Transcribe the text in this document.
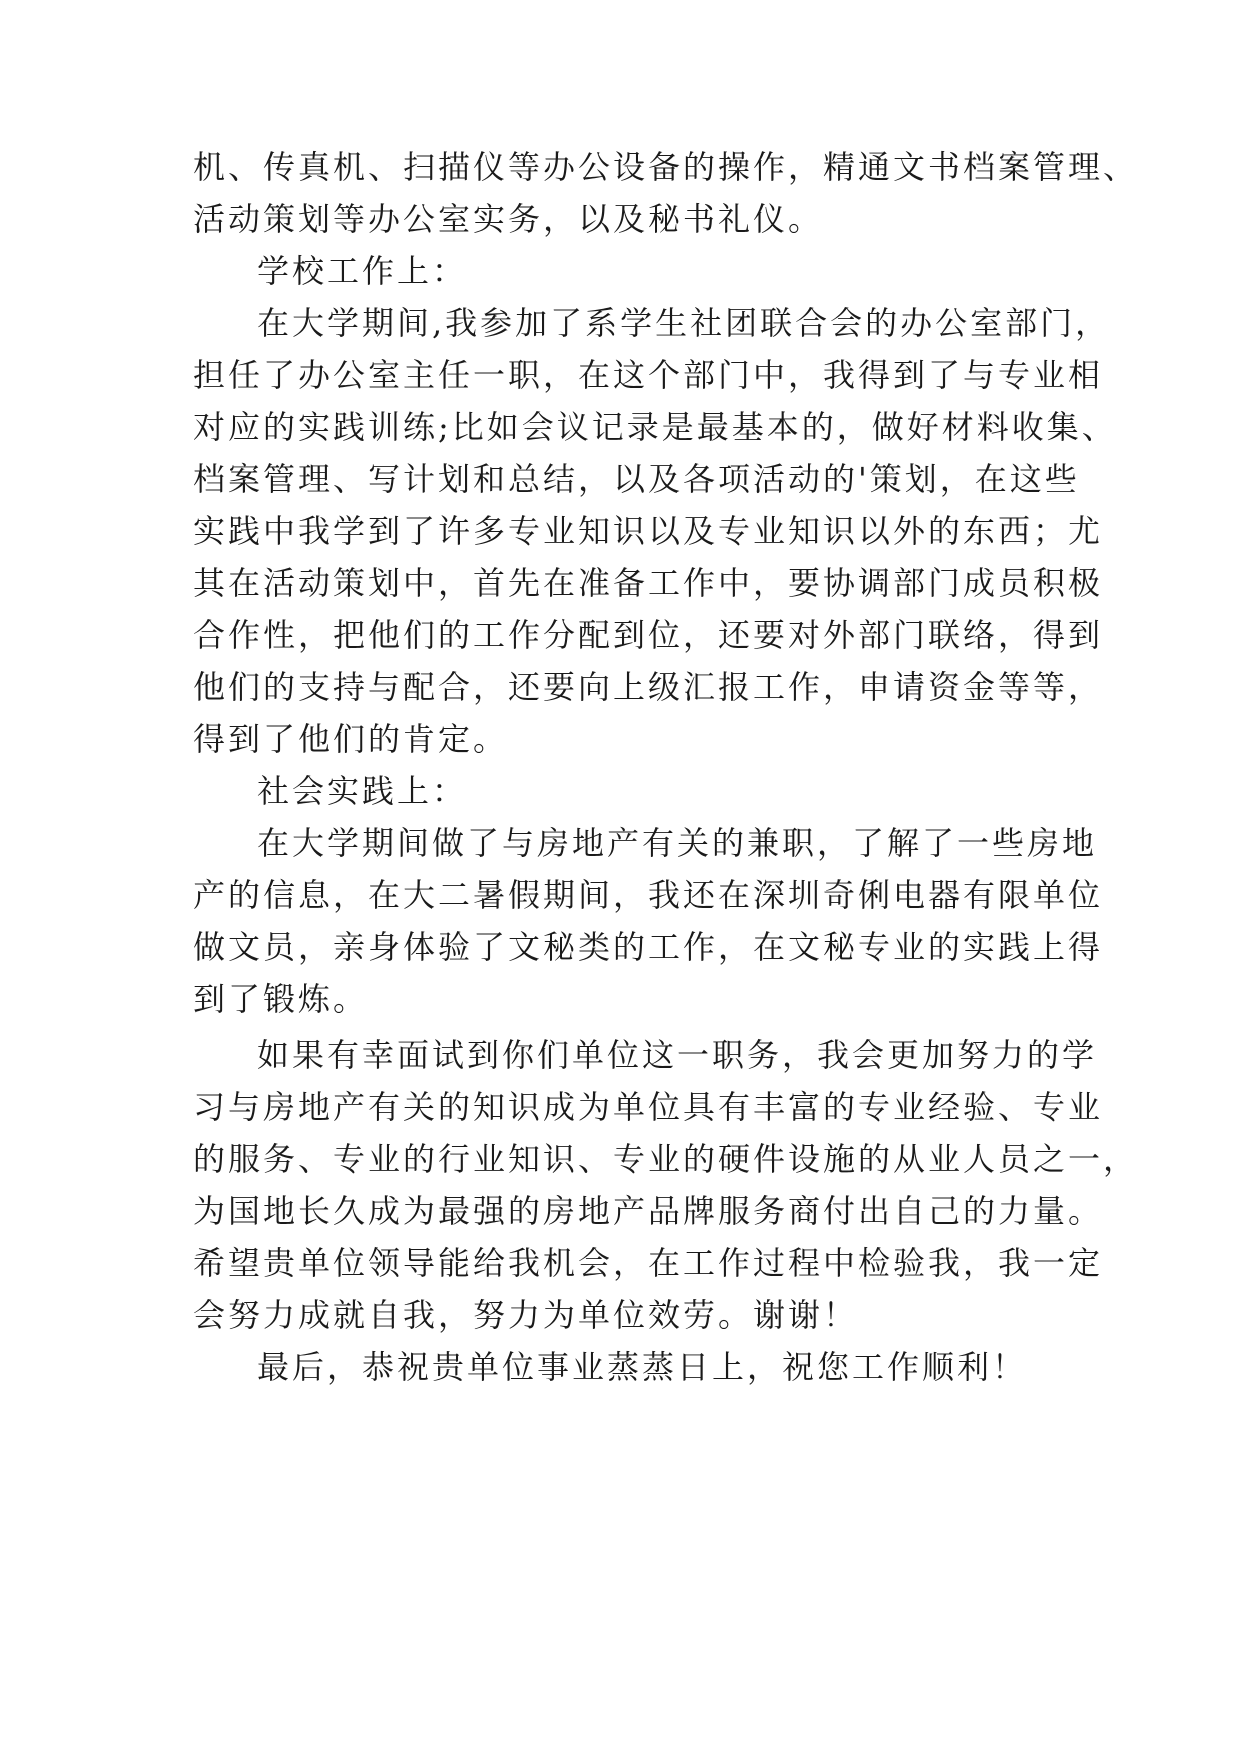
机、传真机、扫描仪等办公设备的操作，精通文书档案管理、
活动策划等办公室实务，以及秘书礼仪。
学校工作上：
在大学期间,我参加了系学生社团联合会的办公室部门，
担任了办公室主任一职，在这个部门中，我得到了与专业相
对应的实践训练;比如会议记录是最基本的，做好材料收集、
档案管理、写计划和总结，以及各项活动的'策划，在这些
实践中我学到了许多专业知识以及专业知识以外的东西；尤
其在活动策划中，首先在准备工作中，要协调部门成员积极
合作性，把他们的工作分配到位，还要对外部门联络，得到
他们的支持与配合，还要向上级汇报工作，申请资金等等，
得到了他们的肯定。
社会实践上：
在大学期间做了与房地产有关的兼职，了解了一些房地
产的信息，在大二暑假期间，我还在深圳奇俐电器有限单位
做文员，亲身体验了文秘类的工作，在文秘专业的实践上得
到了锻炼。
如果有幸面试到你们单位这一职务，我会更加努力的学
习与房地产有关的知识成为单位具有丰富的专业经验、专业
的服务、专业的行业知识、专业的硬件设施的从业人员之一，
为国地长久成为最强的房地产品牌服务商付出自己的力量。
希望贵单位领导能给我机会，在工作过程中检验我，我一定
会努力成就自我，努力为单位效劳。谢谢！
最后，恭祝贵单位事业蒸蒸日上，祝您工作顺利！
